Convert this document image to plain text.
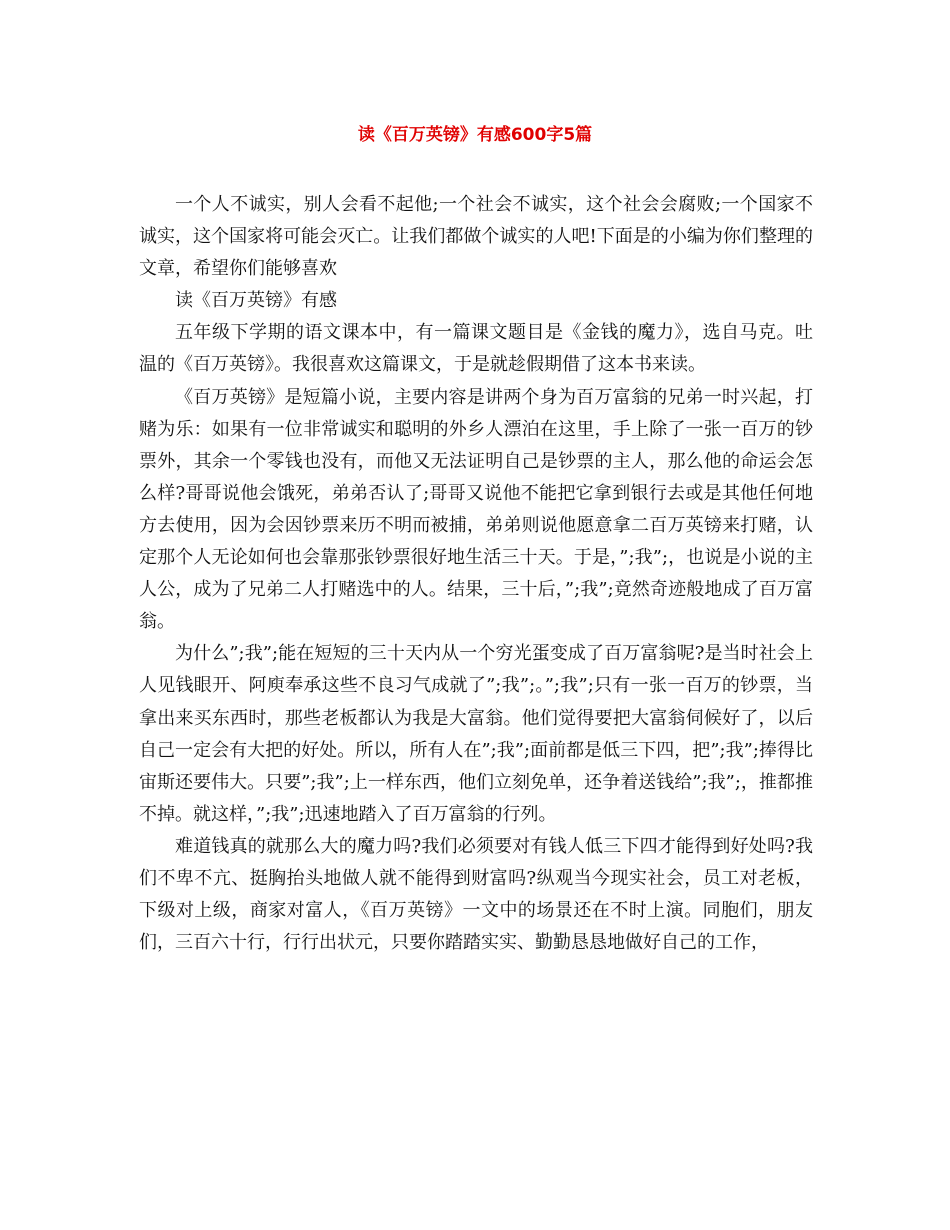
读《百万英镑》有感600字5篇

一个人不诚实，别人会看不起他;一个社会不诚实，这个社会会腐败;一个国家不诚实，这个国家将可能会灭亡。让我们都做个诚实的人吧!下面是的小编为你们整理的文章，希望你们能够喜欢

读《百万英镑》有感

五年级下学期的语文课本中，有一篇课文题目是《金钱的魔力》，选自马克。吐温的《百万英镑》。我很喜欢这篇课文，于是就趁假期借了这本书来读。

《百万英镑》是短篇小说，主要内容是讲两个身为百万富翁的兄弟一时兴起，打赌为乐：如果有一位非常诚实和聪明的外乡人漂泊在这里，手上除了一张一百万的钞票外，其余一个零钱也没有，而他又无法证明自己是钞票的主人，那么他的命运会怎么样?哥哥说他会饿死，弟弟否认了;哥哥又说他不能把它拿到银行去或是其他任何地方去使用，因为会因钞票来历不明而被捕，弟弟则说他愿意拿二百万英镑来打赌，认定那个人无论如何也会靠那张钞票很好地生活三十天。于是，”;我”;，也说是小说的主人公，成为了兄弟二人打赌选中的人。结果，三十后，”;我”;竟然奇迹般地成了百万富翁。

为什么”;我”;能在短短的三十天内从一个穷光蛋变成了百万富翁呢?是当时社会上人见钱眼开、阿庾奉承这些不良习气成就了”;我”;。”;我”;只有一张一百万的钞票，当拿出来买东西时，那些老板都认为我是大富翁。他们觉得要把大富翁伺候好了，以后自己一定会有大把的好处。所以，所有人在”;我”;面前都是低三下四，把”;我”;捧得比宙斯还要伟大。只要”;我”;上一样东西，他们立刻免单，还争着送钱给”;我”;，推都推不掉。就这样，”;我”;迅速地踏入了百万富翁的行列。

难道钱真的就那么大的魔力吗?我们必须要对有钱人低三下四才能得到好处吗?我们不卑不亢、挺胸抬头地做人就不能得到财富吗?纵观当今现实社会，员工对老板，下级对上级，商家对富人，《百万英镑》一文中的场景还在不时上演。同胞们，朋友们，三百六十行，行行出状元，只要你踏踏实实、勤勤恳恳地做好自己的工作，
